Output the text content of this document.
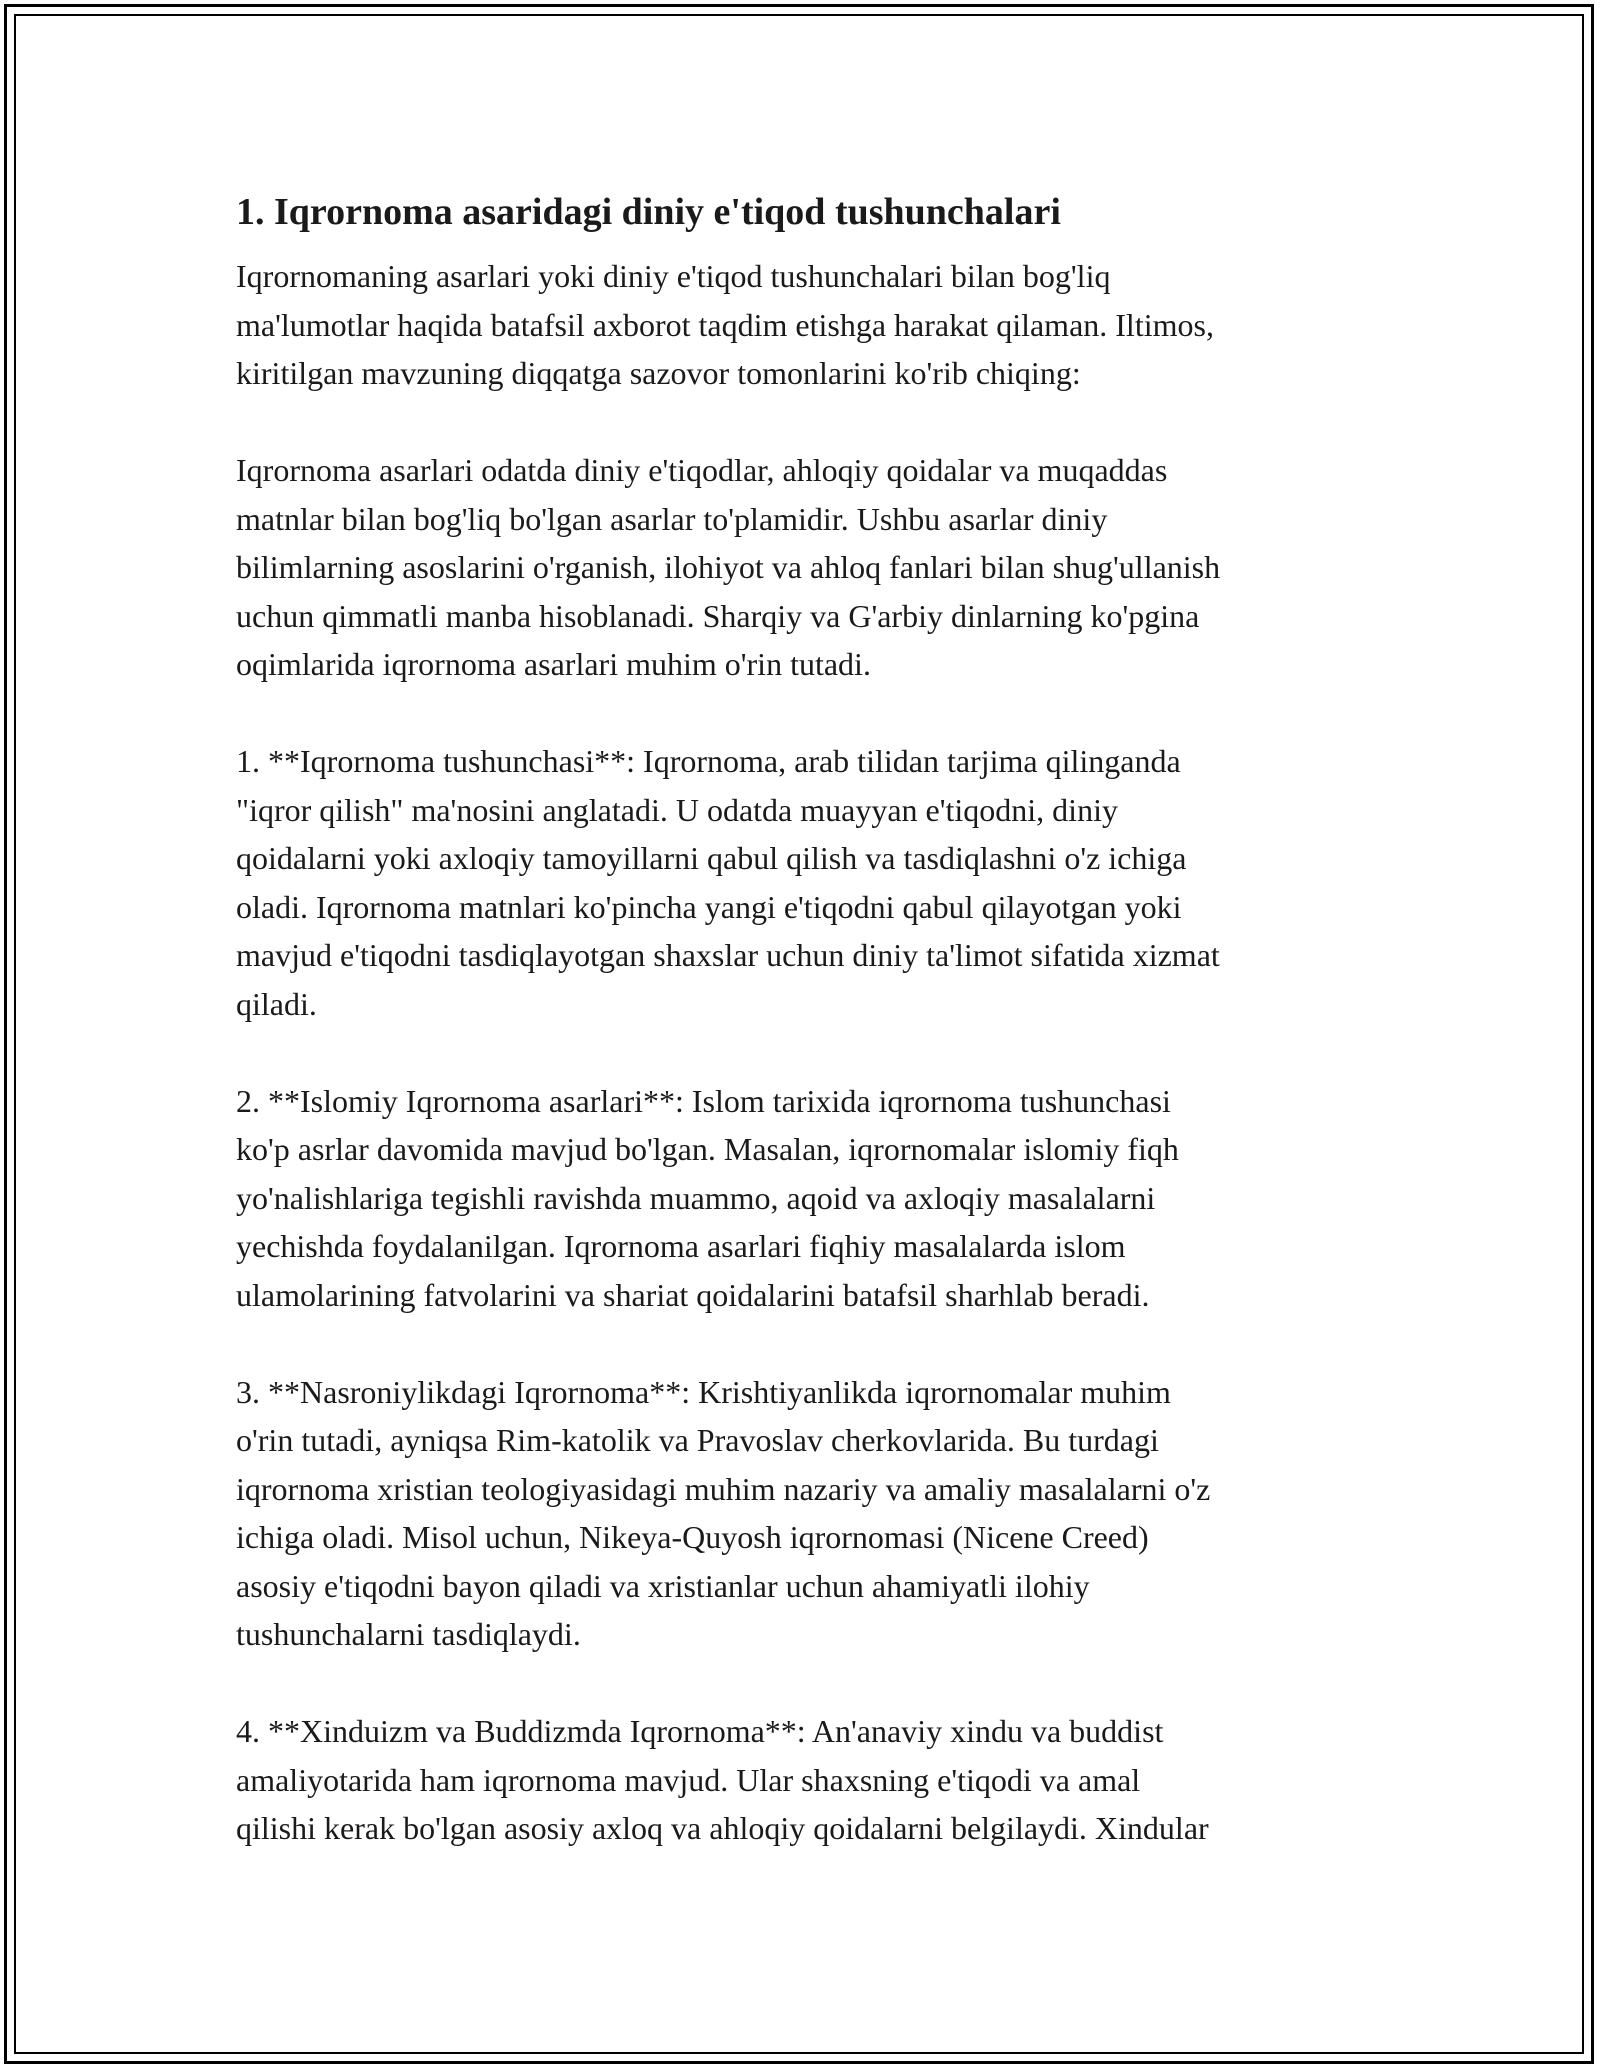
1. Iqrornoma asaridagi diniy e'tiqod tushunchalari

Iqrornomaning asarlari yoki diniy e'tiqod tushunchalari bilan bog'liq
ma'lumotlar haqida batafsil axborot taqdim etishga harakat qilaman. Iltimos,
kiritilgan mavzuning diqqatga sazovor tomonlarini ko'rib chiqing:

Iqrornoma asarlari odatda diniy e'tiqodlar, ahloqiy qoidalar va muqaddas
matnlar bilan bog'liq bo'lgan asarlar to'plamidir. Ushbu asarlar diniy
bilimlarning asoslarini o'rganish, ilohiyot va ahloq fanlari bilan shug'ullanish
uchun qimmatli manba hisoblanadi. Sharqiy va G'arbiy dinlarning ko'pgina
oqimlarida iqrornoma asarlari muhim o'rin tutadi.

1. **Iqrornoma tushunchasi**: Iqrornoma, arab tilidan tarjima qilinganda
"iqror qilish" ma'nosini anglatadi. U odatda muayyan e'tiqodni, diniy
qoidalarni yoki axloqiy tamoyillarni qabul qilish va tasdiqlashni o'z ichiga
oladi. Iqrornoma matnlari ko'pincha yangi e'tiqodni qabul qilayotgan yoki
mavjud e'tiqodni tasdiqlayotgan shaxslar uchun diniy ta'limot sifatida xizmat
qiladi.

2. **Islomiy Iqrornoma asarlari**: Islom tarixida iqrornoma tushunchasi
ko'p asrlar davomida mavjud bo'lgan. Masalan, iqrornomalar islomiy fiqh
yo'nalishlariga tegishli ravishda muammo, aqoid va axloqiy masalalarni
yechishda foydalanilgan. Iqrornoma asarlari fiqhiy masalalarda islom
ulamolarining fatvolarini va shariat qoidalarini batafsil sharhlab beradi.

3. **Nasroniylikdagi Iqrornoma**: Krishtiyanlikda iqrornomalar muhim
o'rin tutadi, ayniqsa Rim-katolik va Pravoslav cherkovlarida. Bu turdagi
iqrornoma xristian teologiyasidagi muhim nazariy va amaliy masalalarni o'z
ichiga oladi. Misol uchun, Nikeya-Quyosh iqrornomasi (Nicene Creed)
asosiy e'tiqodni bayon qiladi va xristianlar uchun ahamiyatli ilohiy
tushunchalarni tasdiqlaydi.

4. **Xinduizm va Buddizmda Iqrornoma**: An'anaviy xindu va buddist
amaliyotarida ham iqrornoma mavjud. Ular shaxsning e'tiqodi va amal
qilishi kerak bo'lgan asosiy axloq va ahloqiy qoidalarni belgilaydi. Xindular
